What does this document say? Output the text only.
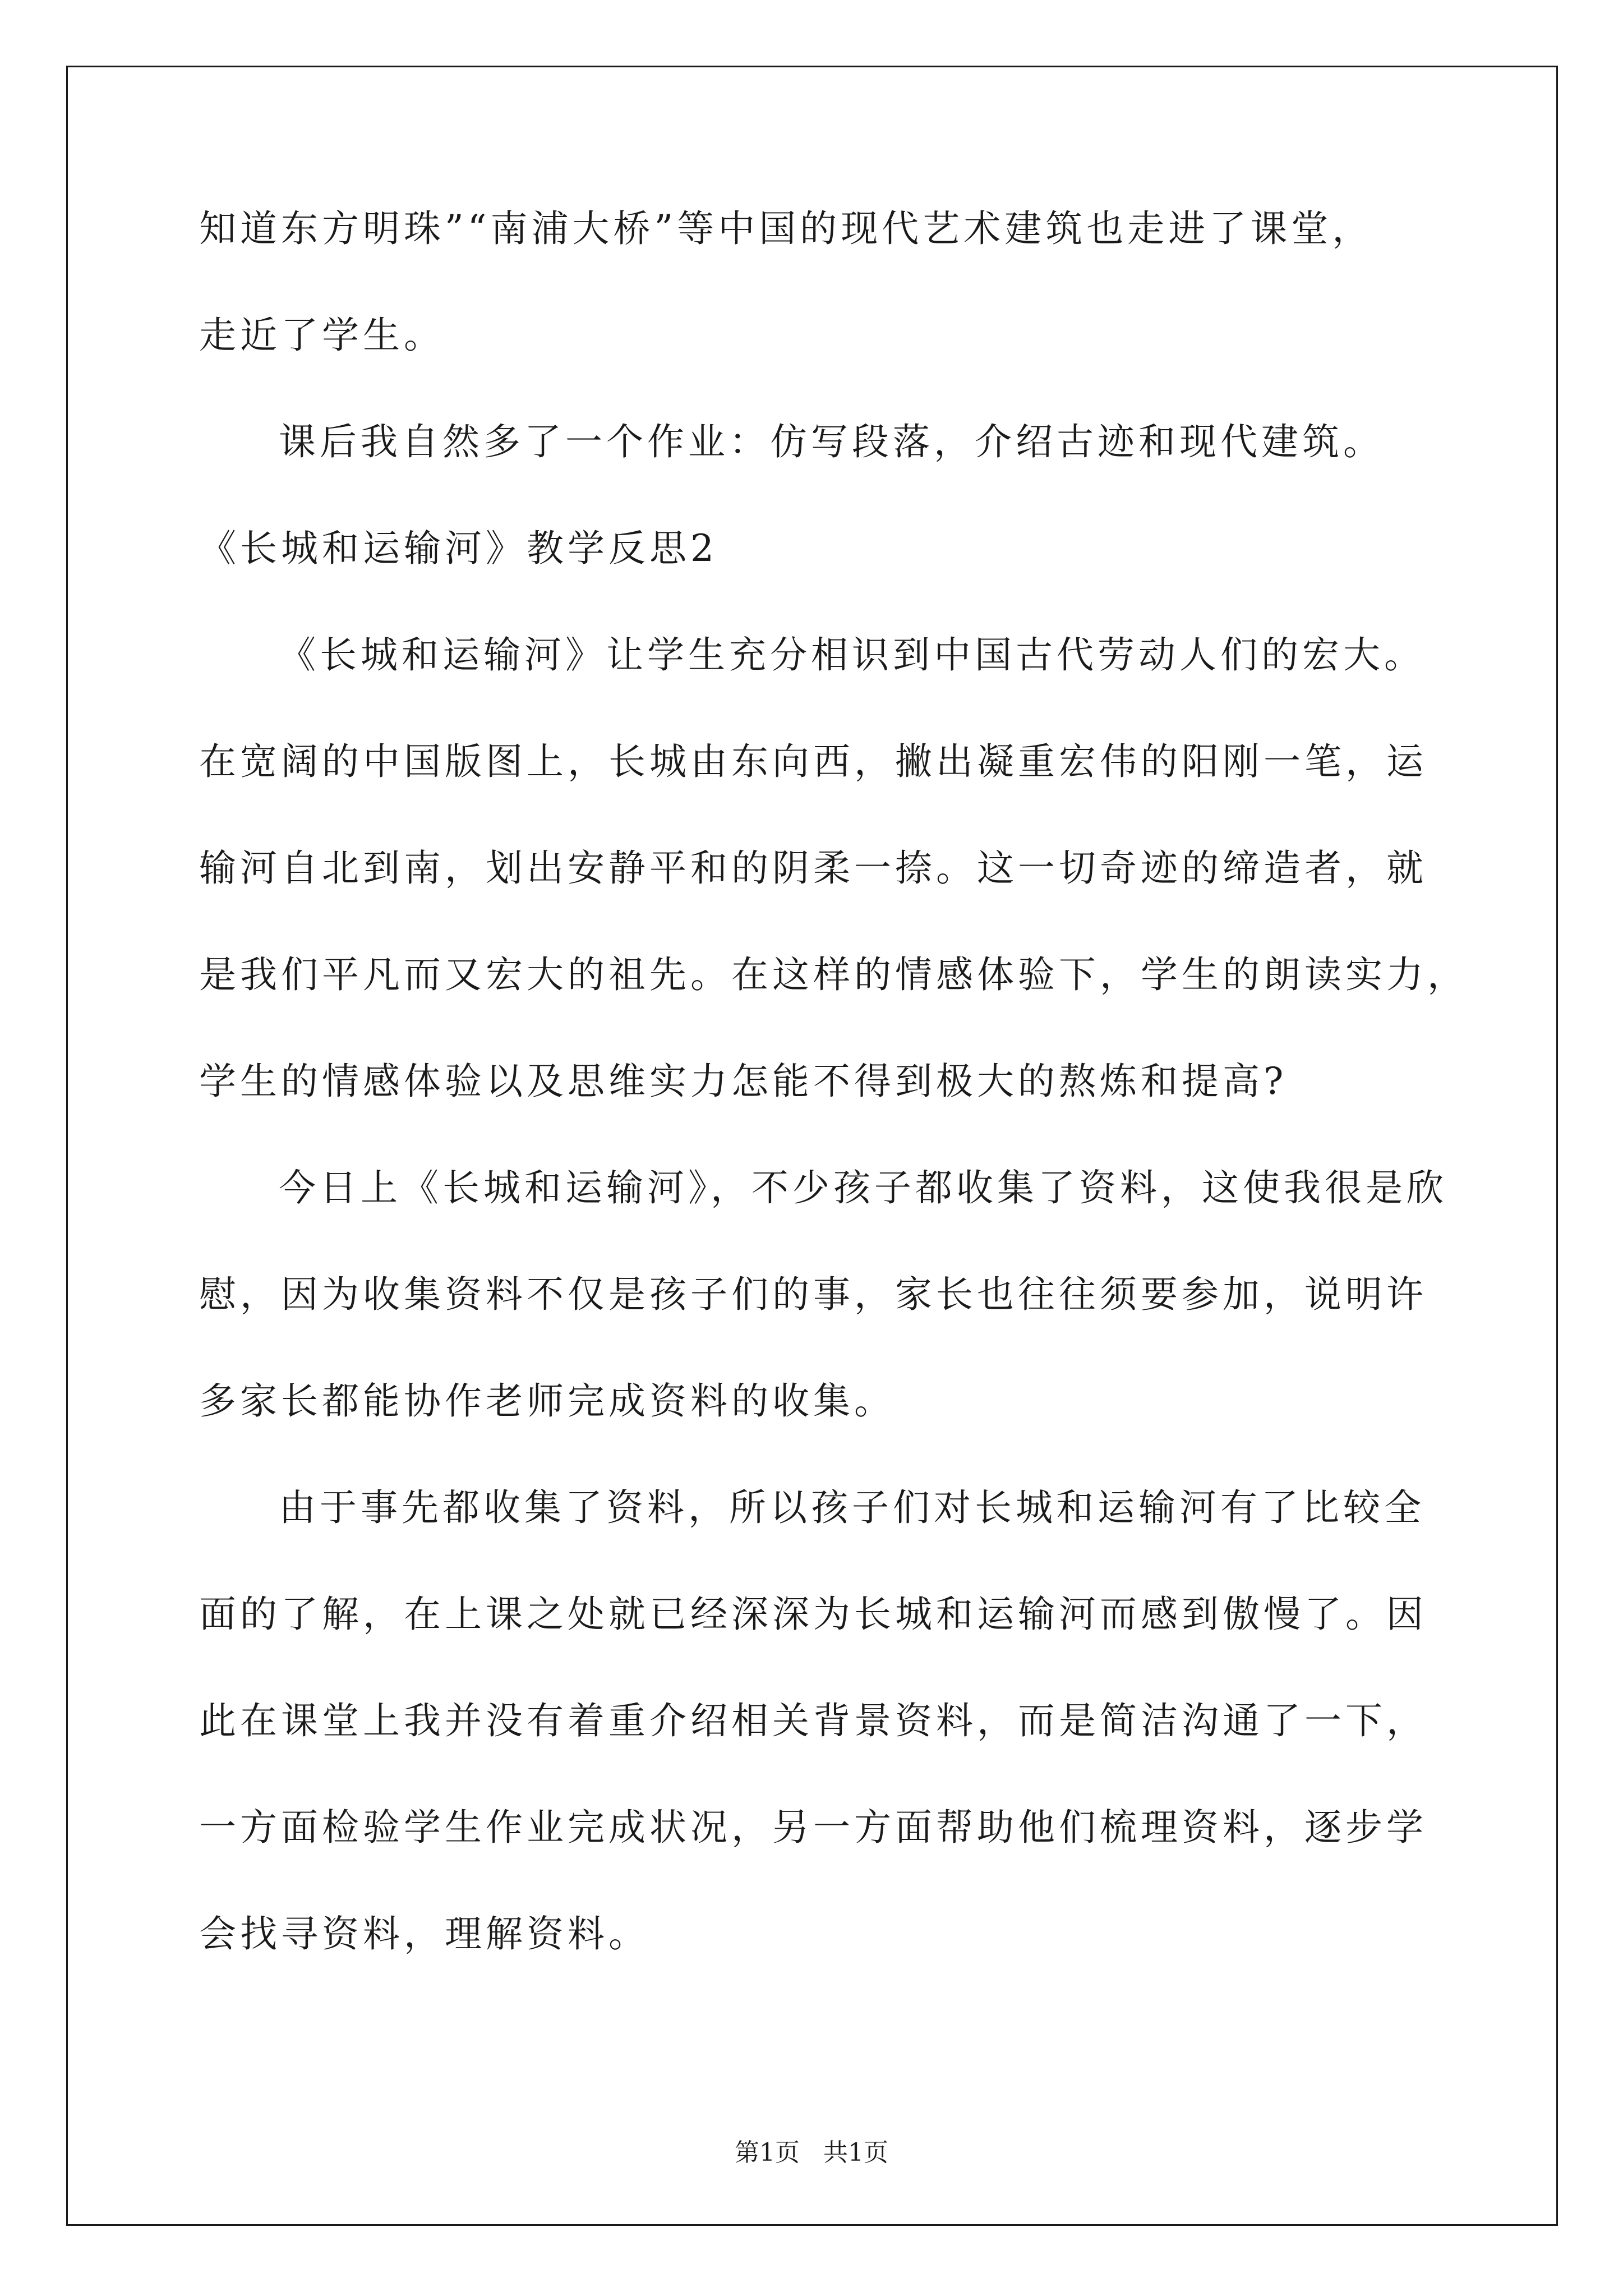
知道东方明珠”“南浦大桥”等中国的现代艺术建筑也走进了课堂，
走近了学生。
课后我自然多了一个作业：仿写段落，介绍古迹和现代建筑。
《长城和运输河》教学反思2
《长城和运输河》让学生充分相识到中国古代劳动人们的宏大。
在宽阔的中国版图上，长城由东向西，撇出凝重宏伟的阳刚一笔，运
输河自北到南，划出安静平和的阴柔一捺。这一切奇迹的缔造者，就
是我们平凡而又宏大的祖先。在这样的情感体验下，学生的朗读实力，
学生的情感体验以及思维实力怎能不得到极大的熬炼和提高?
今日上《长城和运输河》，不少孩子都收集了资料，这使我很是欣
慰，因为收集资料不仅是孩子们的事，家长也往往须要参加，说明许
多家长都能协作老师完成资料的收集。
由于事先都收集了资料，所以孩子们对长城和运输河有了比较全
面的了解，在上课之处就已经深深为长城和运输河而感到傲慢了。因
此在课堂上我并没有着重介绍相关背景资料，而是简洁沟通了一下，
一方面检验学生作业完成状况，另一方面帮助他们梳理资料，逐步学
会找寻资料，理解资料。
第1页   共1页
